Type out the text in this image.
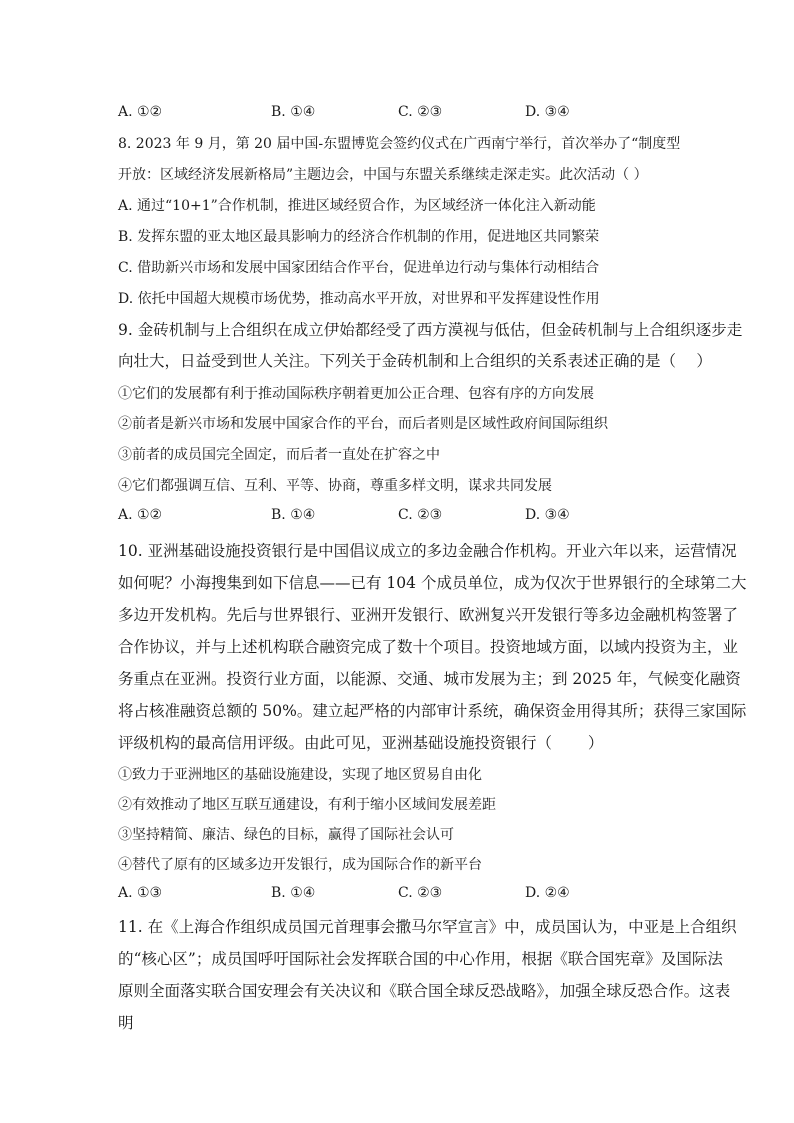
A. ①②	B. ①④	C. ②③	D. ③④
8. 2023 年 9 月，第 20 届中国-东盟博览会签约仪式在广西南宁举行，首次举办了“制度型
开放：区域经济发展新格局”主题边会，中国与东盟关系继续走深走实。此次活动（ ）
A. 通过“10+1”合作机制，推进区域经贸合作，为区域经济一体化注入新动能
B. 发挥东盟的亚太地区最具影响力的经济合作机制的作用，促进地区共同繁荣
C. 借助新兴市场和发展中国家团结合作平台，促进单边行动与集体行动相结合
D. 依托中国超大规模市场优势，推动高水平开放，对世界和平发挥建设性作用
9. 金砖机制与上合组织在成立伊始都经受了西方漠视与低估，但金砖机制与上合组织逐步走
向壮大，日益受到世人关注。下列关于金砖机制和上合组织的关系表述正确的是（　 ）
①它们的发展都有利于推动国际秩序朝着更加公正合理、包容有序的方向发展
②前者是新兴市场和发展中国家合作的平台，而后者则是区域性政府间国际组织
③前者的成员国完全固定，而后者一直处在扩容之中
④它们都强调互信、互利、平等、协商，尊重多样文明，谋求共同发展
A. ①②	B. ①④	C. ②③	D. ③④
10. 亚洲基础设施投资银行是中国倡议成立的多边金融合作机构。开业六年以来，运营情况
如何呢？小海搜集到如下信息——已有 104 个成员单位，成为仅次于世界银行的全球第二大
多边开发机构。先后与世界银行、亚洲开发银行、欧洲复兴开发银行等多边金融机构签署了
合作协议，并与上述机构联合融资完成了数十个项目。投资地域方面，以域内投资为主，业
务重点在亚洲。投资行业方面，以能源、交通、城市发展为主；到 2025 年，气候变化融资
将占核准融资总额的 50%。建立起严格的内部审计系统，确保资金用得其所；获得三家国际
评级机构的最高信用评级。由此可见，亚洲基础设施投资银行（　　 ）
①致力于亚洲地区的基础设施建设，实现了地区贸易自由化
②有效推动了地区互联互通建设，有利于缩小区域间发展差距
③坚持精简、廉洁、绿色的目标，赢得了国际社会认可
④替代了原有的区域多边开发银行，成为国际合作的新平台
A. ①③	B. ①④	C. ②③	D. ②④
11. 在《上海合作组织成员国元首理事会撒马尔罕宣言》中，成员国认为，中亚是上合组织
的“核心区”；成员国呼吁国际社会发挥联合国的中心作用，根据《联合国宪章》及国际法
原则全面落实联合国安理会有关决议和《联合国全球反恐战略》，加强全球反恐合作。这表
明
